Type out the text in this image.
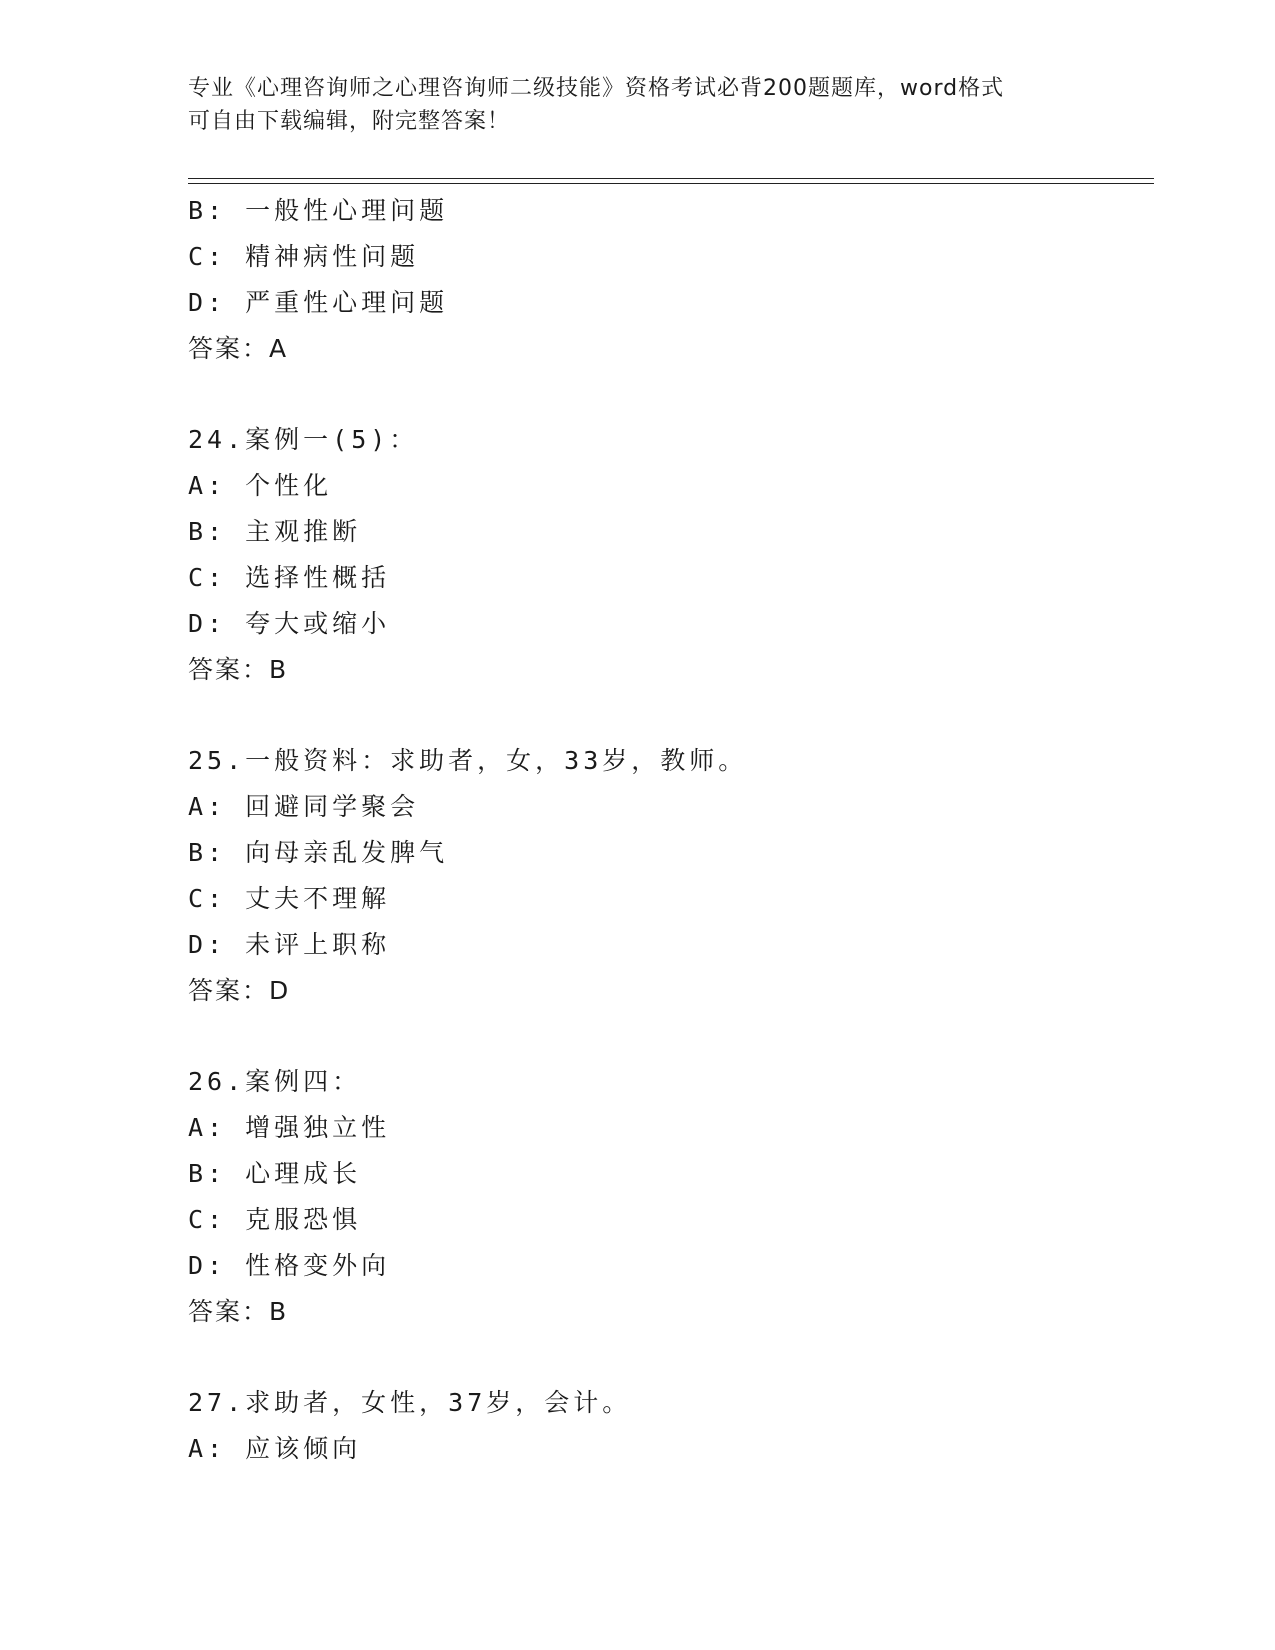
专业《心理咨询师之心理咨询师二级技能》资格考试必背200题题库，word格式
可自由下载编辑，附完整答案！
B: 一般性心理问题
C: 精神病性问题
D: 严重性心理问题
答案：A
24.案例一(5)：
A: 个性化
B: 主观推断
C: 选择性概括
D: 夸大或缩小
答案：B
25.一般资料：求助者，女，33岁，教师。
A: 回避同学聚会
B: 向母亲乱发脾气
C: 丈夫不理解
D: 未评上职称
答案：D
26.案例四：
A: 增强独立性
B: 心理成长
C: 克服恐惧
D: 性格变外向
答案：B
27.求助者，女性，37岁，会计。
A: 应该倾向
